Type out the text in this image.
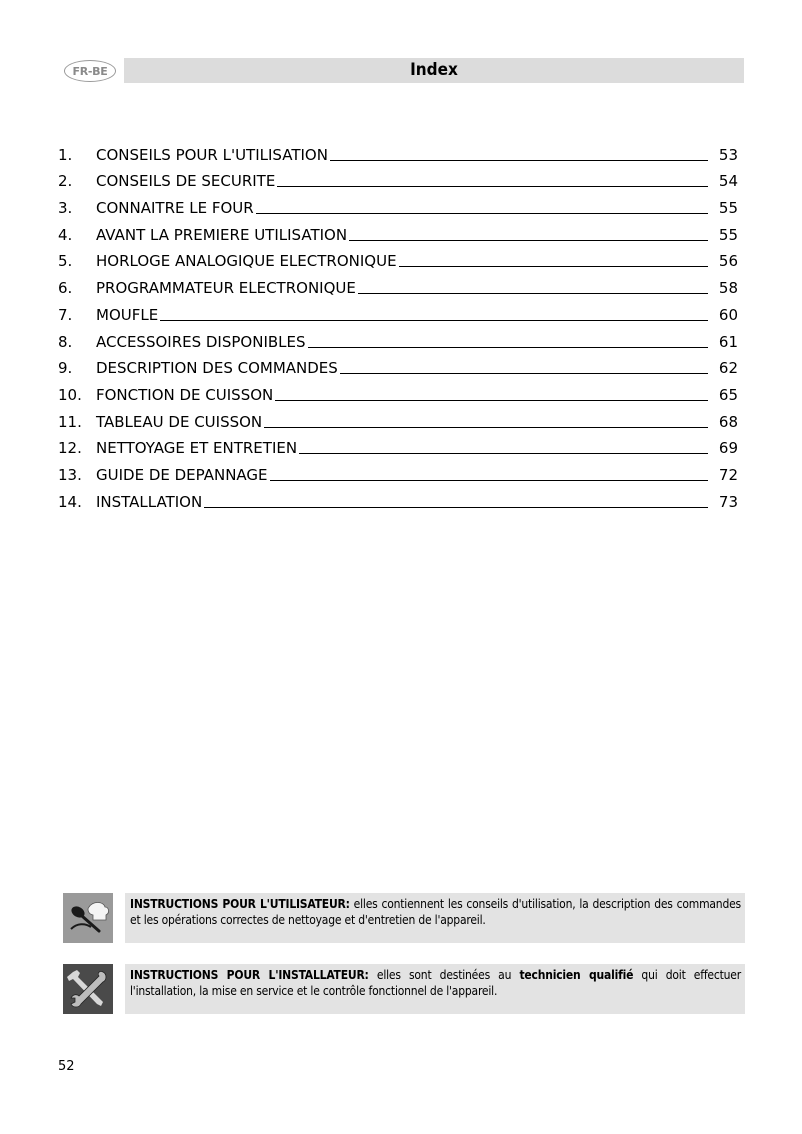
FR-BE	Index
1.	CONSEILS POUR L'UTILISATION	53
2.	CONSEILS DE SECURITE	54
3.	CONNAITRE LE FOUR	55
4.	AVANT LA PREMIERE UTILISATION	55
5.	HORLOGE ANALOGIQUE ELECTRONIQUE	56
6.	PROGRAMMATEUR ELECTRONIQUE	58
7.	MOUFLE	60
8.	ACCESSOIRES DISPONIBLES	61
9.	DESCRIPTION DES COMMANDES	62
10. FONCTION DE CUISSON	65
11. TABLEAU DE CUISSON	68
12. NETTOYAGE ET ENTRETIEN	69
13. GUIDE DE DEPANNAGE	72
14. INSTALLATION	73
INSTRUCTIONS POUR L'UTILISATEUR: elles contiennent les conseils d'utilisation, la description des commandes et les opérations correctes de nettoyage et d'entretien de l'appareil.
INSTRUCTIONS POUR L'INSTALLATEUR: elles sont destinées au technicien qualifié qui doit effectuer l'installation, la mise en service et le contrôle fonctionnel de l'appareil.
52
